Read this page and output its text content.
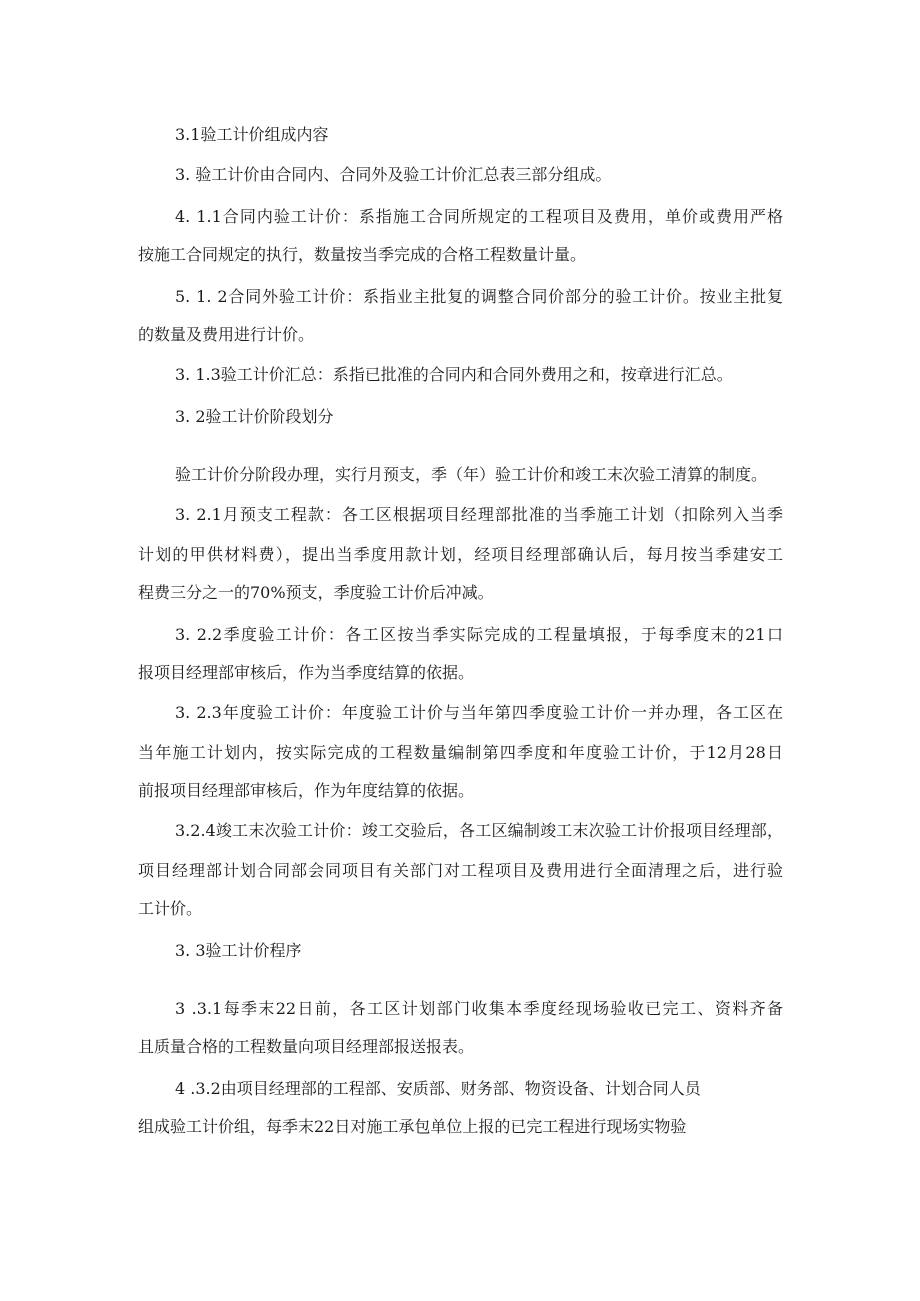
3.1验工计价组成内容
3. 验工计价由合同内、合同外及验工计价汇总表三部分组成。
4. 1.1合同内验工计价：系指施工合同所规定的工程项目及费用，单价或费用严格
按施工合同规定的执行，数量按当季完成的合格工程数量计量。
5. 1. 2合同外验工计价：系指业主批复的调整合同价部分的验工计价。按业主批复
的数量及费用进行计价。
3. 1.3验工计价汇总：系指已批准的合同内和合同外费用之和，按章进行汇总。
3. 2验工计价阶段划分
验工计价分阶段办理，实行月预支，季（年）验工计价和竣工末次验工清算的制度。
3. 2.1月预支工程款：各工区根据项目经理部批准的当季施工计划（扣除列入当季
计划的甲供材料费），提出当季度用款计划，经项目经理部确认后，每月按当季建安工
程费三分之一的70%预支，季度验工计价后冲减。
3. 2.2季度验工计价：各工区按当季实际完成的工程量填报，于每季度末的21口
报项目经理部审核后，作为当季度结算的依据。
3. 2.3年度验工计价：年度验工计价与当年第四季度验工计价一并办理，各工区在
当年施工计划内，按实际完成的工程数量编制第四季度和年度验工计价，于12月28日
前报项目经理部审核后，作为年度结算的依据。
3.2.4竣工末次验工计价：竣工交验后，各工区编制竣工末次验工计价报项目经理部，
项目经理部计划合同部会同项目有关部门对工程项目及费用进行全面清理之后，进行验
工计价。
3. 3验工计价程序
3 .3.1每季末22日前，各工区计划部门收集本季度经现场验收已完工、资料齐备
且质量合格的工程数量向项目经理部报送报表。
4 .3.2由项目经理部的工程部、安质部、财务部、物资设备、计划合同人员
组成验工计价组，每季末22日对施工承包单位上报的已完工程进行现场实物验
